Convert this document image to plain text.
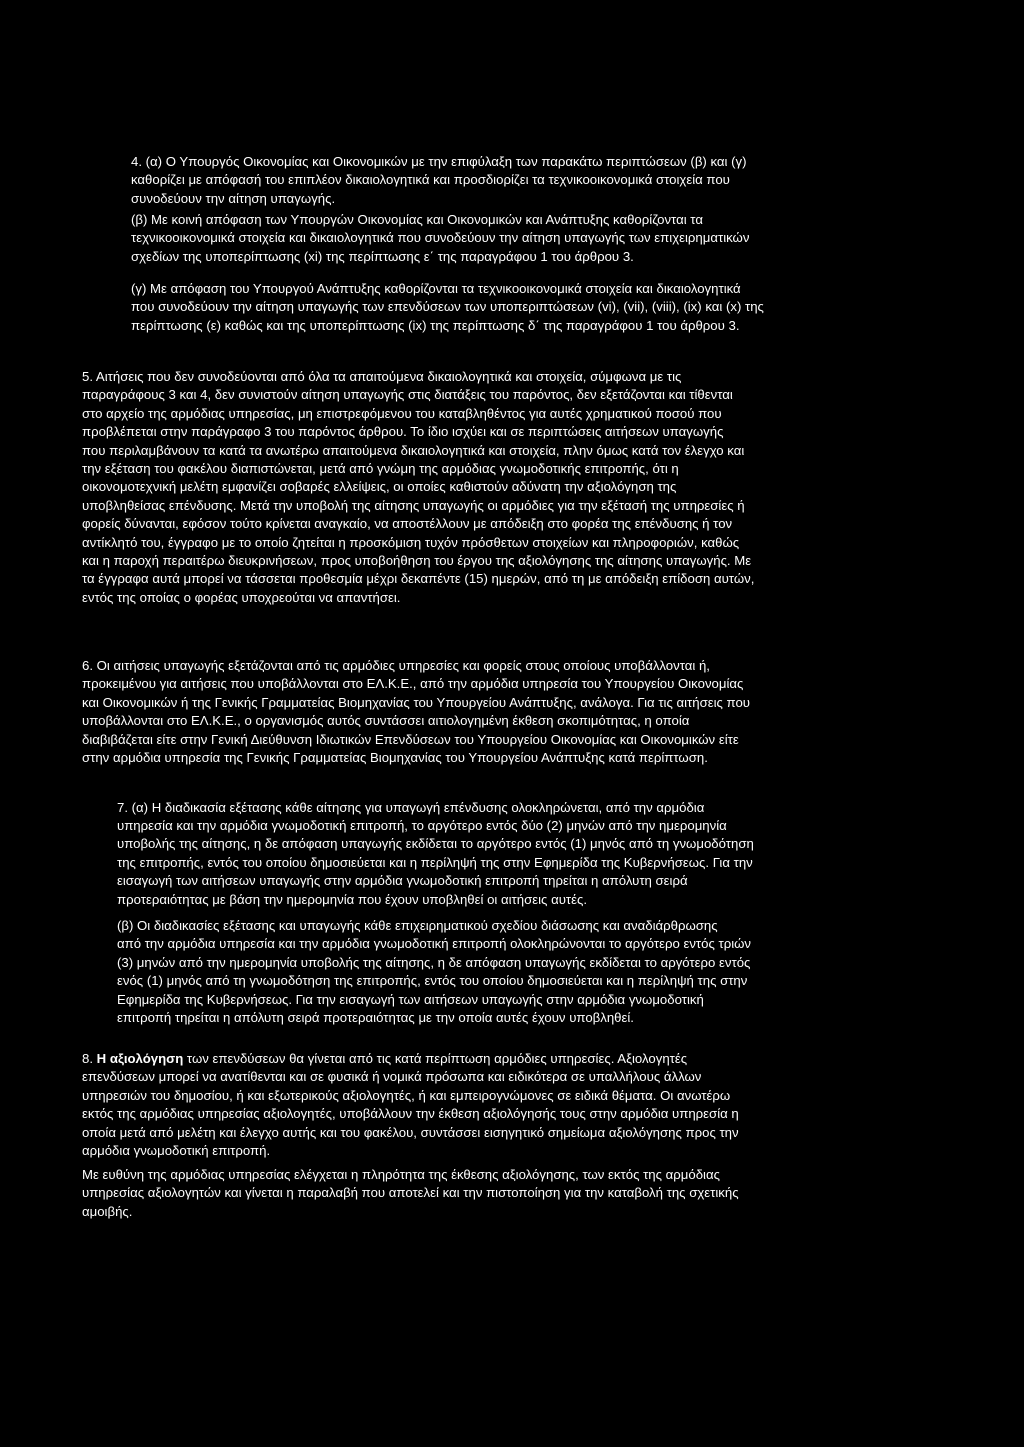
4. (α) Ο Υπουργός Οικονομίας και Οικονομικών με την επιφύλαξη των παρακάτω περιπτώσεων (β) και (γ)
καθορίζει με απόφασή του επιπλέον δικαιολογητικά και προσδιορίζει τα τεχνικοοικονομικά στοιχεία που
συνοδεύουν την αίτηση υπαγωγής.
(β) Με κοινή απόφαση των Υπουργών Οικονομίας και Οικονομικών και Ανάπτυξης καθορίζονται τα
τεχνικοοικονομικά στοιχεία και δικαιολογητικά που συνοδεύουν την αίτηση υπαγωγής των επιχειρηματικών
σχεδίων της υποπερίπτωσης (xi) της περίπτωσης ε΄ της παραγράφου 1 του άρθρου 3.
(γ) Με απόφαση του Υπουργού Ανάπτυξης καθορίζονται τα τεχνικοοικονομικά στοιχεία και δικαιολογητικά
που συνοδεύουν την αίτηση υπαγωγής των επενδύσεων των υποπεριπτώσεων (vi), (vii), (viii), (ix) και (x) της
περίπτωσης (ε) καθώς και της υποπερίπτωσης (ix) της περίπτωσης δ΄ της παραγράφου 1 του άρθρου 3.
5. Αιτήσεις που δεν συνοδεύονται από όλα τα απαιτούμενα δικαιολογητικά και στοιχεία, σύμφωνα με τις
παραγράφους 3 και 4, δεν συνιστούν αίτηση υπαγωγής στις διατάξεις του παρόντος, δεν εξετάζονται και τίθενται
στο αρχείο της αρμόδιας υπηρεσίας, μη επιστρεφόμενου του καταβληθέντος για αυτές χρηματικού ποσού που
προβλέπεται στην παράγραφο 3 του παρόντος άρθρου. Το ίδιο ισχύει και σε περιπτώσεις αιτήσεων υπαγωγής
που περιλαμβάνουν τα κατά τα ανωτέρω απαιτούμενα δικαιολογητικά και στοιχεία, πλην όμως κατά τον έλεγχο και
την εξέταση του φακέλου διαπιστώνεται, μετά από γνώμη της αρμόδιας γνωμοδοτικής επιτροπής, ότι η
οικονομοτεχνική μελέτη εμφανίζει σοβαρές ελλείψεις, οι οποίες καθιστούν αδύνατη την αξιολόγηση της
υποβληθείσας επένδυσης. Μετά την υποβολή της αίτησης υπαγωγής οι αρμόδιες για την εξέτασή της υπηρεσίες ή
φορείς δύνανται, εφόσον τούτο κρίνεται αναγκαίο, να αποστέλλουν με απόδειξη στο φορέα της επένδυσης ή τον
αντίκλητό του, έγγραφο με το οποίο ζητείται η προσκόμιση τυχόν πρόσθετων στοιχείων και πληροφοριών, καθώς
και η παροχή περαιτέρω διευκρινήσεων, προς υποβοήθηση του έργου της αξιολόγησης της αίτησης υπαγωγής. Με
τα έγγραφα αυτά μπορεί να τάσσεται προθεσμία μέχρι δεκαπέντε (15) ημερών, από τη με απόδειξη επίδοση αυτών,
εντός της οποίας ο φορέας υποχρεούται να απαντήσει.
6. Οι αιτήσεις υπαγωγής εξετάζονται από τις αρμόδιες υπηρεσίες και φορείς στους οποίους υποβάλλονται ή,
προκειμένου για αιτήσεις που υποβάλλονται στο ΕΛ.Κ.Ε., από την αρμόδια υπηρεσία του Υπουργείου Οικονομίας
και Οικονομικών ή της Γενικής Γραμματείας Βιομηχανίας του Υπουργείου Ανάπτυξης, ανάλογα. Για τις αιτήσεις που
υποβάλλονται στο ΕΛ.Κ.Ε., ο οργανισμός αυτός συντάσσει αιτιολογημένη έκθεση σκοπιμότητας, η οποία
διαβιβάζεται είτε στην Γενική Διεύθυνση Ιδιωτικών Επενδύσεων του Υπουργείου Οικονομίας και Οικονομικών είτε
στην αρμόδια υπηρεσία της Γενικής Γραμματείας Βιομηχανίας του Υπουργείου Ανάπτυξης κατά περίπτωση.
7. (α) Η διαδικασία εξέτασης κάθε αίτησης για υπαγωγή επένδυσης ολοκληρώνεται, από την αρμόδια
υπηρεσία και την αρμόδια γνωμοδοτική επιτροπή, το αργότερο εντός δύο (2) μηνών από την ημερομηνία
υποβολής της αίτησης, η δε απόφαση υπαγωγής εκδίδεται το αργότερο εντός (1) μηνός από τη γνωμοδότηση
της επιτροπής, εντός του οποίου δημοσιεύεται και η περίληψή της στην Εφημερίδα της Κυβερνήσεως. Για την
εισαγωγή των αιτήσεων υπαγωγής στην αρμόδια γνωμοδοτική επιτροπή τηρείται η απόλυτη σειρά
προτεραιότητας με βάση την ημερομηνία που έχουν υποβληθεί οι αιτήσεις αυτές.
(β) Οι διαδικασίες εξέτασης και υπαγωγής κάθε επιχειρηματικού σχεδίου διάσωσης και αναδιάρθρωσης
από την αρμόδια υπηρεσία και την αρμόδια γνωμοδοτική επιτροπή ολοκληρώνονται το αργότερο εντός τριών
(3) μηνών από την ημερομηνία υποβολής της αίτησης, η δε απόφαση υπαγωγής εκδίδεται το αργότερο εντός
ενός (1) μηνός από τη γνωμοδότηση της επιτροπής, εντός του οποίου δημοσιεύεται και η περίληψή της στην
Εφημερίδα της Κυβερνήσεως. Για την εισαγωγή των αιτήσεων υπαγωγής στην αρμόδια γνωμοδοτική
επιτροπή τηρείται η απόλυτη σειρά προτεραιότητας με την οποία αυτές έχουν υποβληθεί.
8. Η αξιολόγηση των επενδύσεων θα γίνεται από τις κατά περίπτωση αρμόδιες υπηρεσίες. Αξιολογητές
επενδύσεων μπορεί να ανατίθενται και σε φυσικά ή νομικά πρόσωπα και ειδικότερα σε υπαλλήλους άλλων
υπηρεσιών του δημοσίου, ή και εξωτερικούς αξιολογητές, ή και εμπειρογνώμονες σε ειδικά θέματα. Οι ανωτέρω
εκτός της αρμόδιας υπηρεσίας αξιολογητές, υποβάλλουν την έκθεση αξιολόγησής τους στην αρμόδια υπηρεσία η
οποία μετά από μελέτη και έλεγχο αυτής και του φακέλου, συντάσσει εισηγητικό σημείωμα αξιολόγησης προς την
αρμόδια γνωμοδοτική επιτροπή.
Με ευθύνη της αρμόδιας υπηρεσίας ελέγχεται η πληρότητα της έκθεσης αξιολόγησης, των εκτός της αρμόδιας
υπηρεσίας αξιολογητών και γίνεται η παραλαβή που αποτελεί και την πιστοποίηση για την καταβολή της σχετικής
αμοιβής.
